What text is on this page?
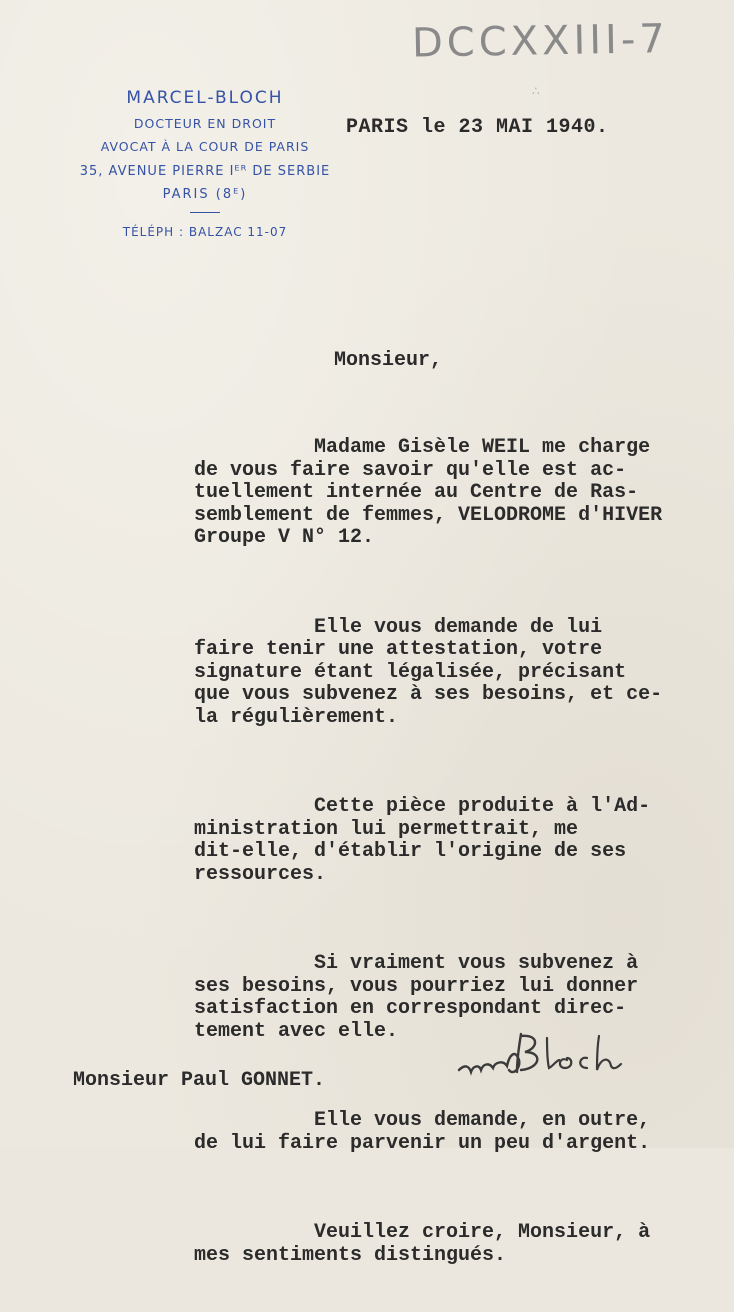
DCCXXIII-7
∴
MARCEL-BLOCH
DOCTEUR EN DROIT
AVOCAT À LA COUR DE PARIS
35, AVENUE PIERRE Iᴱᴿ DE SERBIE
PARIS (8ᴱ)
TÉLÉPH : BALZAC 11-07
PARIS le 23 MAI 1940.
Monsieur,

Madame Gisèle WEIL me charge
de vous faire savoir qu'elle est ac-
tuellement internée au Centre de Ras-
semblement de femmes, VELODROME d'HIVER
Groupe V N° 12.

Elle vous demande de lui
faire tenir une attestation, votre
signature étant légalisée, précisant
que vous subvenez à ses besoins, et ce-
la régulièrement.

Cette pièce produite à l'Ad-
ministration lui permettrait, me
dit-elle, d'établir l'origine de ses
ressources.

Si vraiment vous subvenez à
ses besoins, vous pourriez lui donner
satisfaction en correspondant direc-
tement avec elle.

Elle vous demande, en outre,
de lui faire parvenir un peu d'argent.

Veuillez croire, Monsieur, à
mes sentiments distingués.

Monsieur Paul GONNET.
